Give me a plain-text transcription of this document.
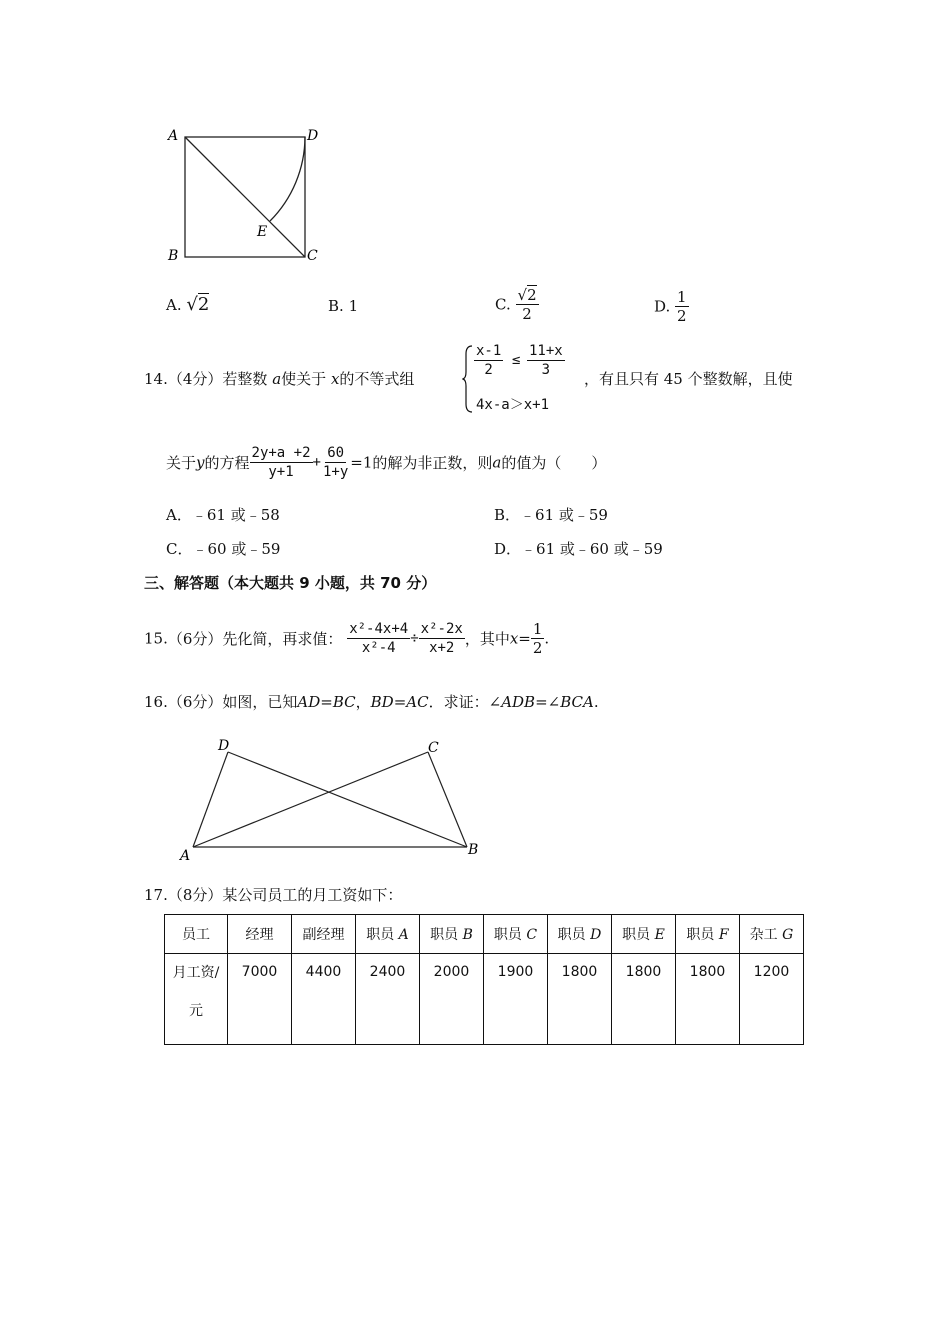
A	D
B	C
E
A. √2	B. 1	C. $\frac{√2}{2}$	D. $\frac{1}{2}$
14.（4分）若整数 a使关于 x的不等式组	$\frac{x-1}{2} \le \frac{11+x}{3}$
4x-a＞x+1
，有且只有 45 个整数解，且使
关于y的方程 $\frac{2y+a +2}{y+1} + \frac{60}{1+y} =1$的解为非正数，则a的值为（　　）
A．﹣61 或﹣58	B．﹣61 或﹣59
C．﹣60 或﹣59	D．﹣61 或﹣60 或﹣59
三、解答题（本大题共 9 小题，共 70 分）
15.（6分）先化简，再求值： $\frac{\text{x²-4x+4}}{\text{x²-4}} \div \frac{\text{x²-2x}}{x+2}$ ，其中$x= \frac{1}{2}$ .
16.（6分）如图，已知AD=BC，BD=AC．求证：∠ADB=∠BCA.
D	C
A	B
17.（8分）某公司员工的月工资如下：
员工	经理	副经理	职员 A	职员 B	职员 C	职员 D	职员 E	职员 F	杂工 G
月工资/
元	7000	4400	2400	2000	1900	1800	1800	1800	1200
